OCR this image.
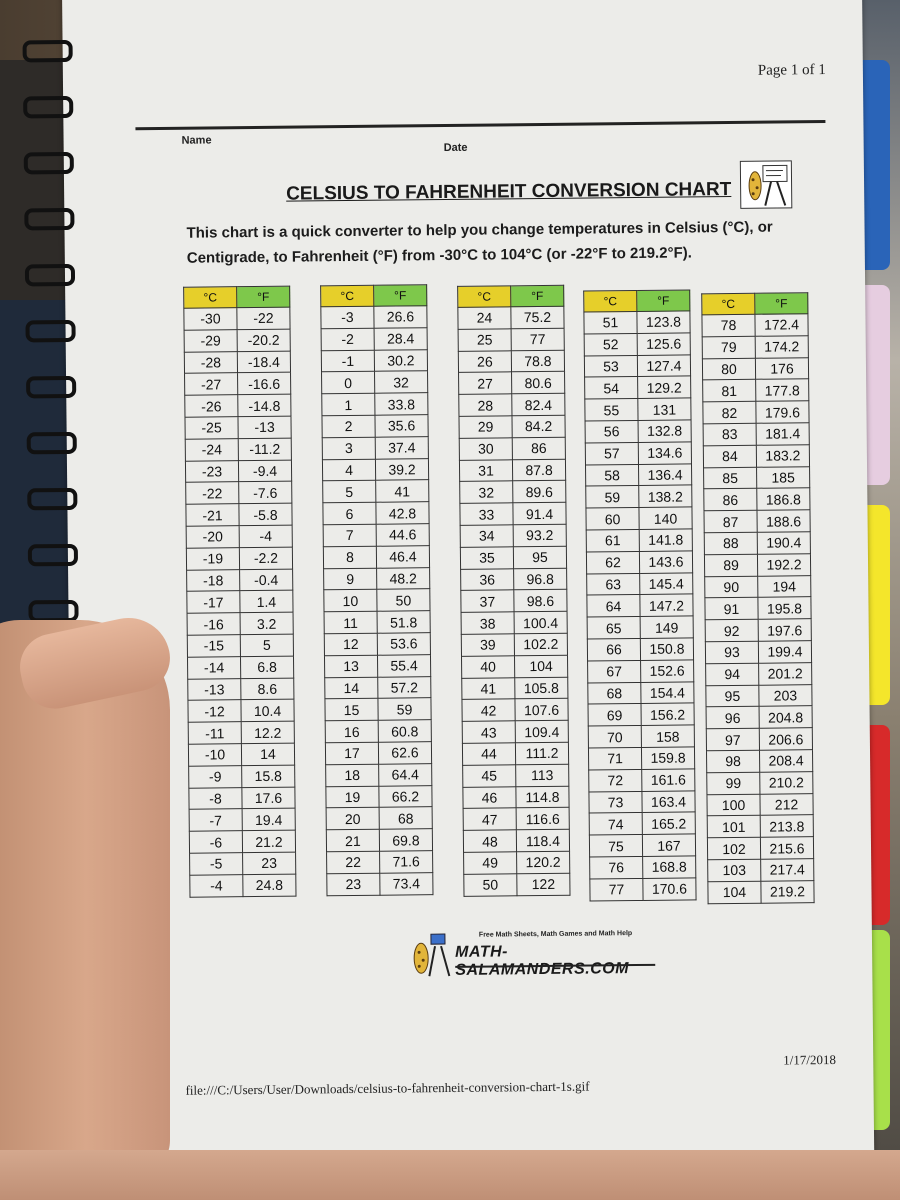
Page 1 of 1
Name
Date
CELSIUS TO FAHRENHEIT CONVERSION CHART
This chart is a quick converter to help you change temperatures in Celsius (°C), or Centigrade, to Fahrenheit (°F) from -30°C to 104°C (or -22°F to 219.2°F).
°C	°F
-30	-22
-29	-20.2
-28	-18.4
-27	-16.6
-26	-14.8
-25	-13
-24	-11.2
-23	-9.4
-22	-7.6
-21	-5.8
-20	-4
-19	-2.2
-18	-0.4
-17	1.4
-16	3.2
-15	5
-14	6.8
-13	8.6
-12	10.4
-11	12.2
-10	14
-9	15.8
-8	17.6
-7	19.4
-6	21.2
-5	23
-4	24.8
°C	°F
-3	26.6
-2	28.4
-1	30.2
0	32
1	33.8
2	35.6
3	37.4
4	39.2
5	41
6	42.8
7	44.6
8	46.4
9	48.2
10	50
11	51.8
12	53.6
13	55.4
14	57.2
15	59
16	60.8
17	62.6
18	64.4
19	66.2
20	68
21	69.8
22	71.6
23	73.4
°C	°F
24	75.2
25	77
26	78.8
27	80.6
28	82.4
29	84.2
30	86
31	87.8
32	89.6
33	91.4
34	93.2
35	95
36	96.8
37	98.6
38	100.4
39	102.2
40	104
41	105.8
42	107.6
43	109.4
44	111.2
45	113
46	114.8
47	116.6
48	118.4
49	120.2
50	122
°C	°F
51	123.8
52	125.6
53	127.4
54	129.2
55	131
56	132.8
57	134.6
58	136.4
59	138.2
60	140
61	141.8
62	143.6
63	145.4
64	147.2
65	149
66	150.8
67	152.6
68	154.4
69	156.2
70	158
71	159.8
72	161.6
73	163.4
74	165.2
75	167
76	168.8
77	170.6
°C	°F
78	172.4
79	174.2
80	176
81	177.8
82	179.6
83	181.4
84	183.2
85	185
86	186.8
87	188.6
88	190.4
89	192.2
90	194
91	195.8
92	197.6
93	199.4
94	201.2
95	203
96	204.8
97	206.6
98	208.4
99	210.2
100	212
101	213.8
102	215.6
103	217.4
104	219.2
Free Math Sheets, Math Games and Math Help
MATH-SALAMANDERS.COM
1/17/2018
file:///C:/Users/User/Downloads/celsius-to-fahrenheit-conversion-chart-1s.gif
